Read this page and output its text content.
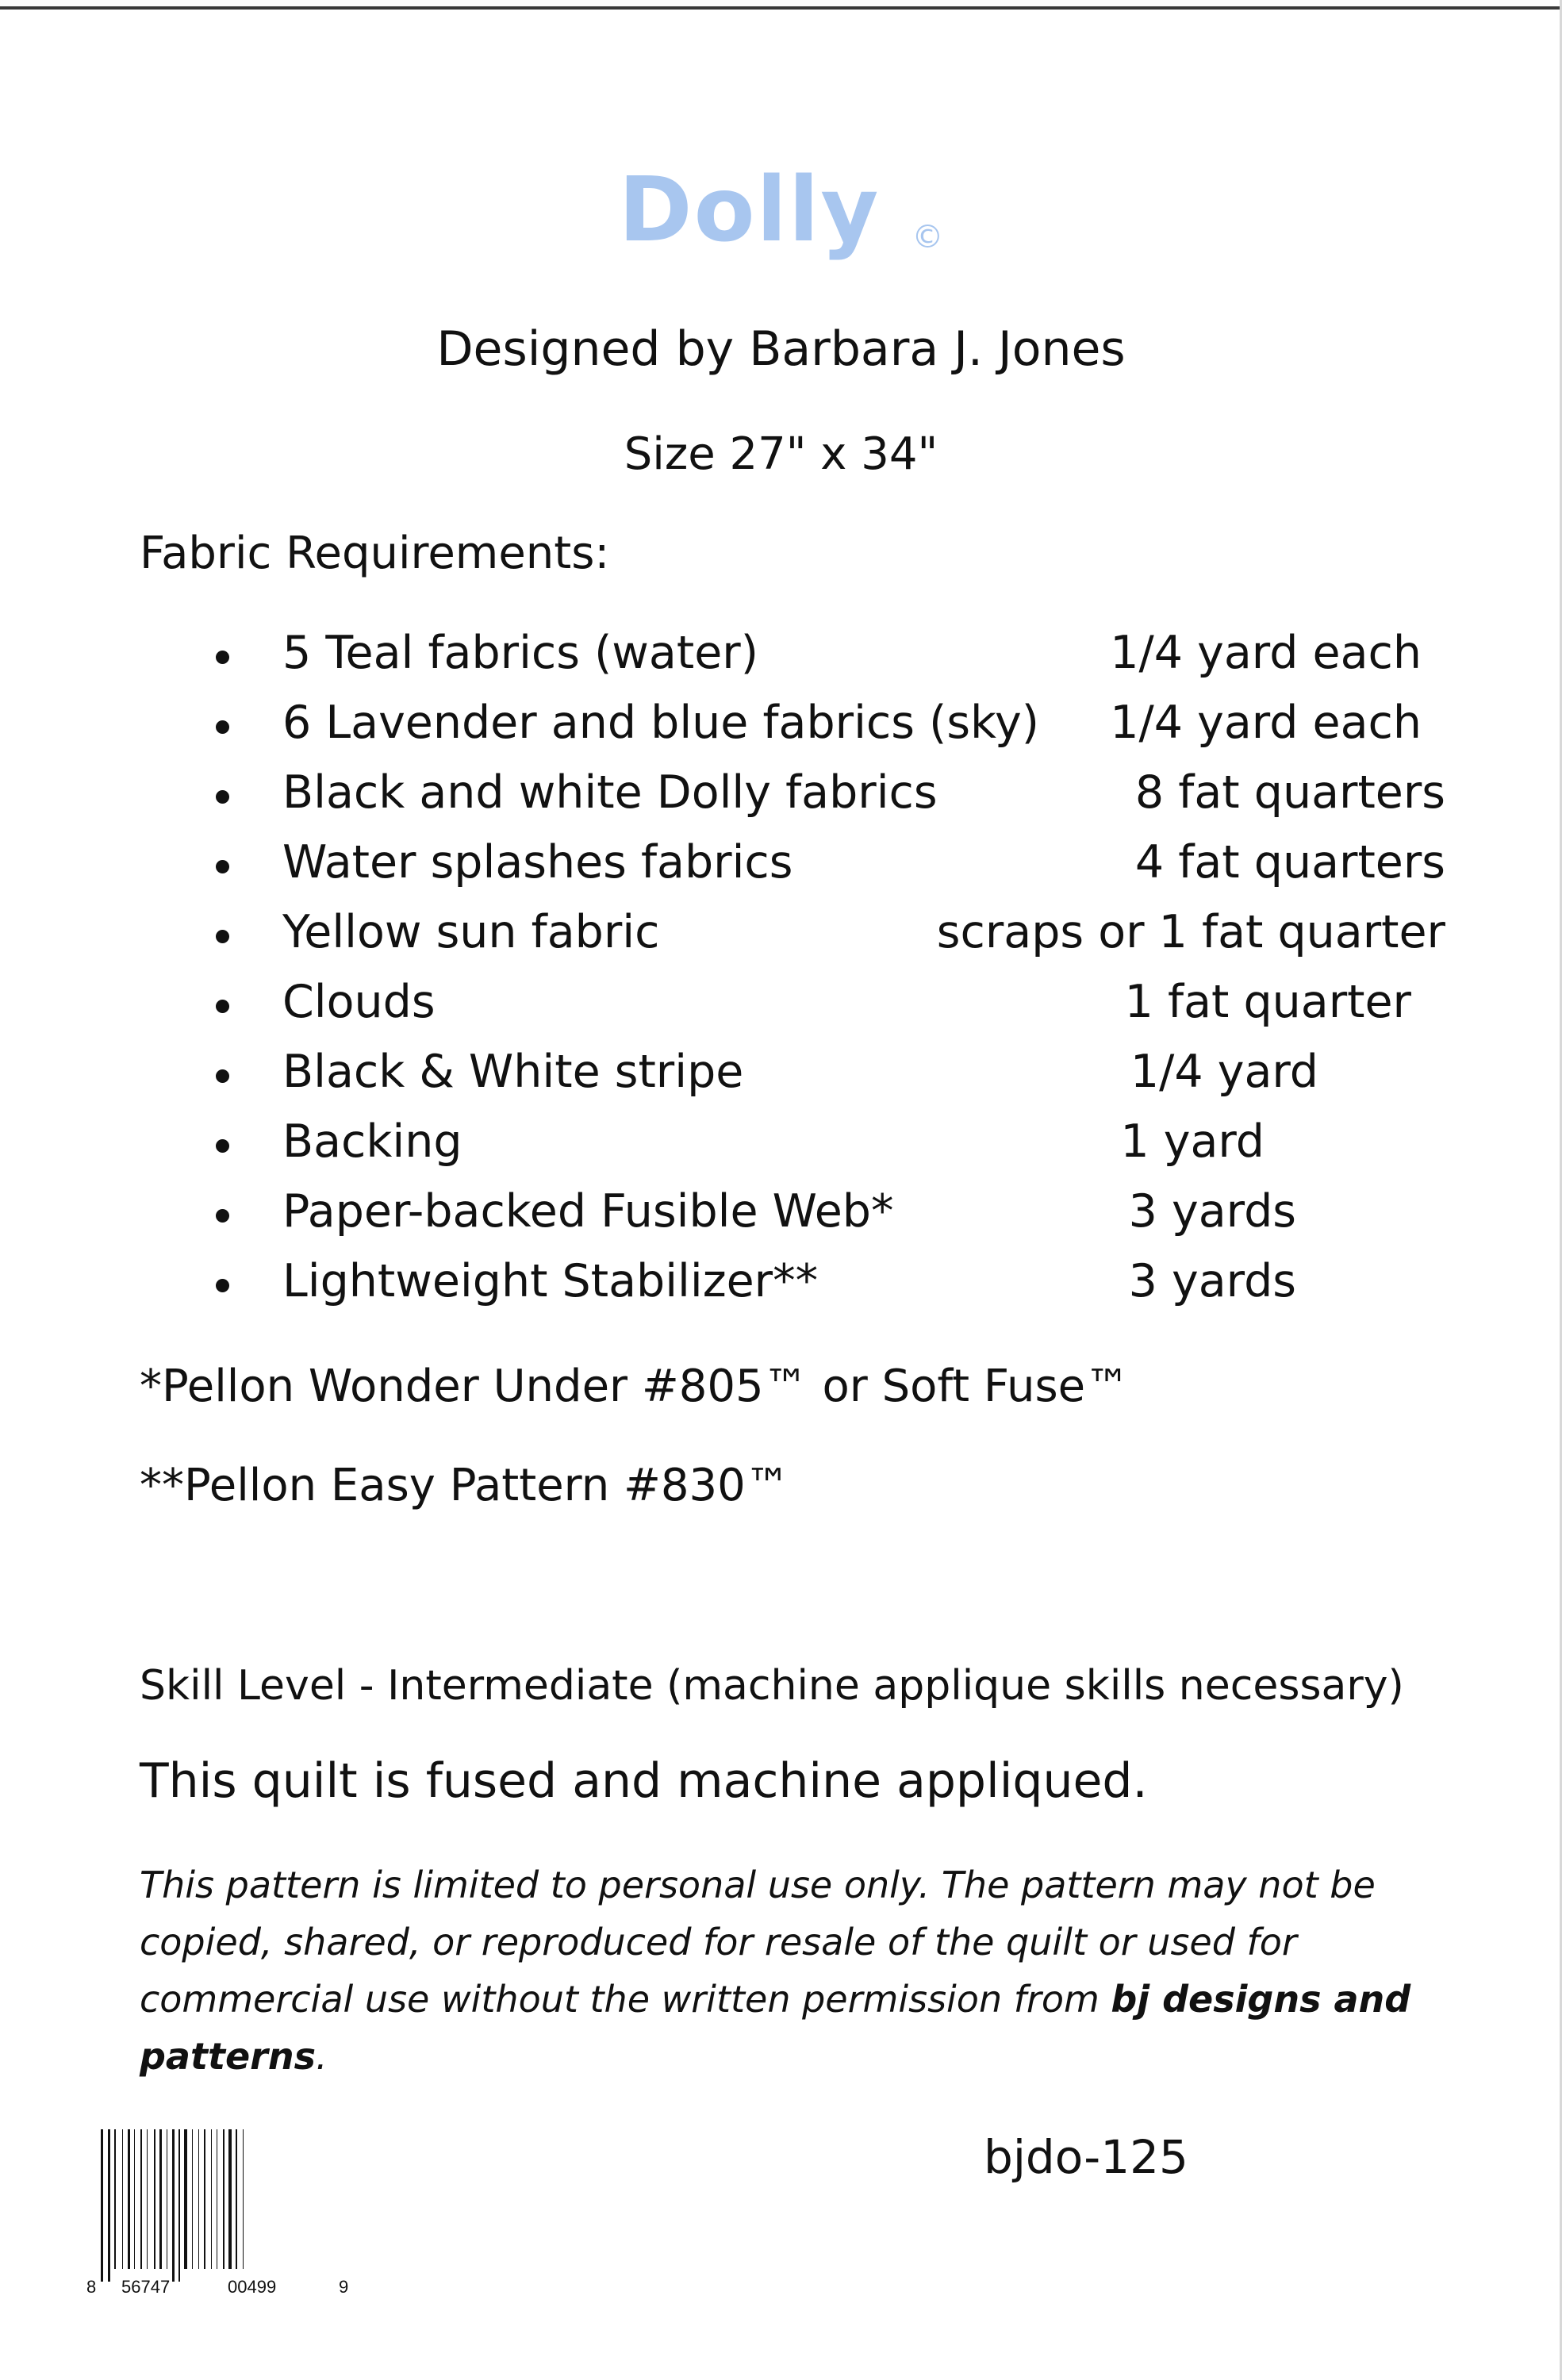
Dolly ©
Designed by Barbara J. Jones
Size 27" x 34"
Fabric Requirements:
5 Teal fabrics (water)	1/4 yard each
6 Lavender and blue fabrics (sky) 1/4 yard each
Black and white Dolly fabrics	8 fat quarters
Water splashes fabrics	4 fat quarters
Yellow sun fabric	scraps or 1 fat quarter
Clouds	1 fat quarter
Black & White stripe	1/4 yard
Backing	1 yard
Paper-backed Fusible Web*	3 yards
Lightweight Stabilizer**	3 yards
*Pellon Wonder Under #805™ or Soft Fuse™
**Pellon Easy Pattern #830™
Skill Level - Intermediate (machine applique skills necessary)
This quilt is fused and machine appliqued.
This pattern is limited to personal use only. The pattern may not be copied, shared, or reproduced for resale of the quilt or used for commercial use without the written permission from bj designs and patterns.
8 56747	00499	9
bjdo-125
